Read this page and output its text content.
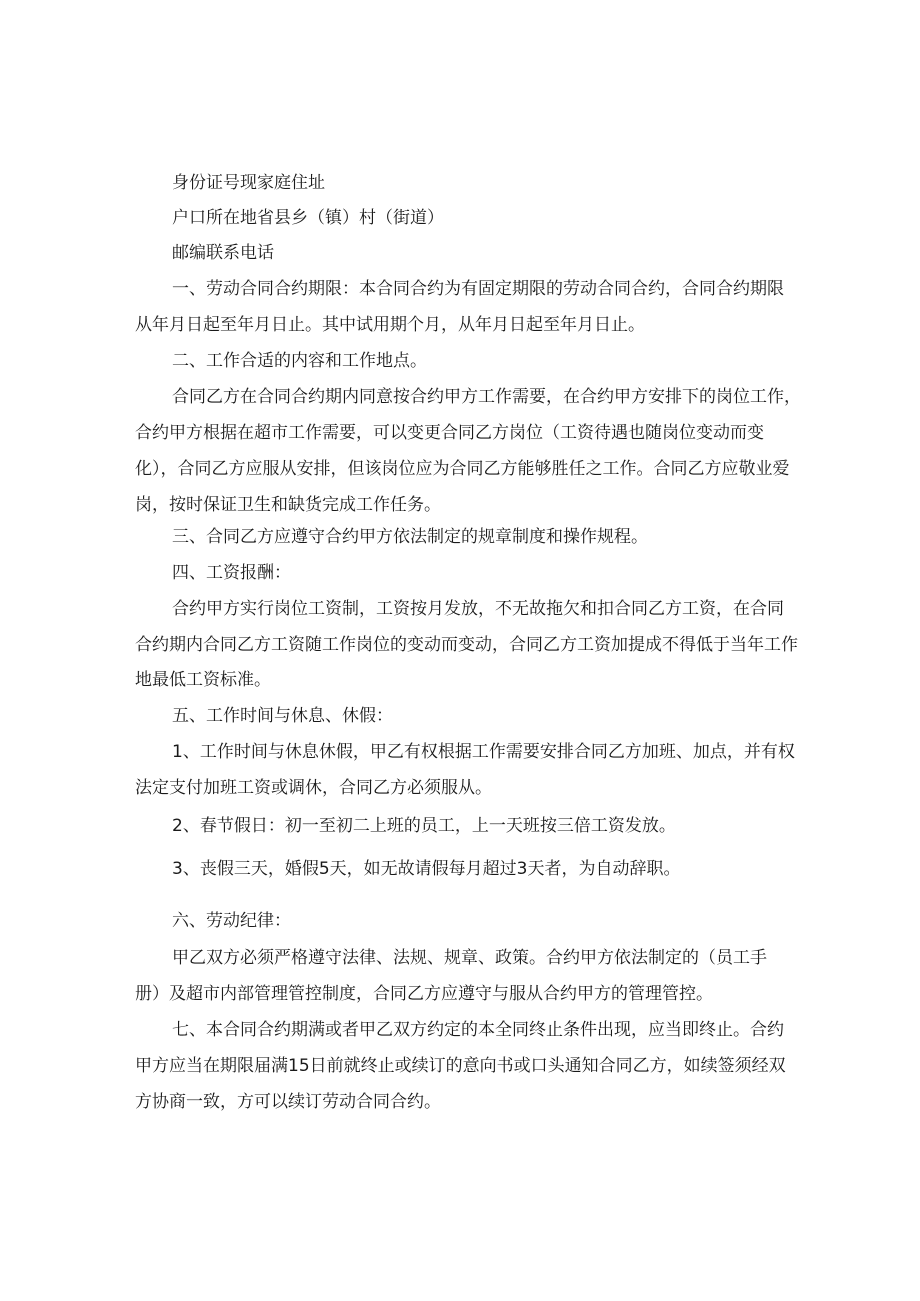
身份证号现家庭住址
户口所在地省县乡（镇）村（街道）
邮编联系电话
一、劳动合同合约期限：本合同合约为有固定期限的劳动合同合约，合同合约期限
从年月日起至年月日止。其中试用期个月，从年月日起至年月日止。
二、工作合适的内容和工作地点。
合同乙方在合同合约期内同意按合约甲方工作需要，在合约甲方安排下的岗位工作，
合约甲方根据在超市工作需要，可以变更合同乙方岗位（工资待遇也随岗位变动而变
化），合同乙方应服从安排，但该岗位应为合同乙方能够胜任之工作。合同乙方应敬业爱
岗，按时保证卫生和缺货完成工作任务。
三、合同乙方应遵守合约甲方依法制定的规章制度和操作规程。
四、工资报酬：
合约甲方实行岗位工资制，工资按月发放，不无故拖欠和扣合同乙方工资，在合同
合约期内合同乙方工资随工作岗位的变动而变动，合同乙方工资加提成不得低于当年工作
地最低工资标准。
五、工作时间与休息、休假：
1、工作时间与休息休假，甲乙有权根据工作需要安排合同乙方加班、加点，并有权
法定支付加班工资或调休，合同乙方必须服从。
2、春节假日：初一至初二上班的员工，上一天班按三倍工资发放。
3、丧假三天，婚假5天，如无故请假每月超过3天者，为自动辞职。
六、劳动纪律：
甲乙双方必须严格遵守法律、法规、规章、政策。合约甲方依法制定的（员工手
册）及超市内部管理管控制度，合同乙方应遵守与服从合约甲方的管理管控。
七、本合同合约期满或者甲乙双方约定的本全同终止条件出现，应当即终止。合约
甲方应当在期限届满15日前就终止或续订的意向书或口头通知合同乙方，如续签须经双
方协商一致，方可以续订劳动合同合约。
